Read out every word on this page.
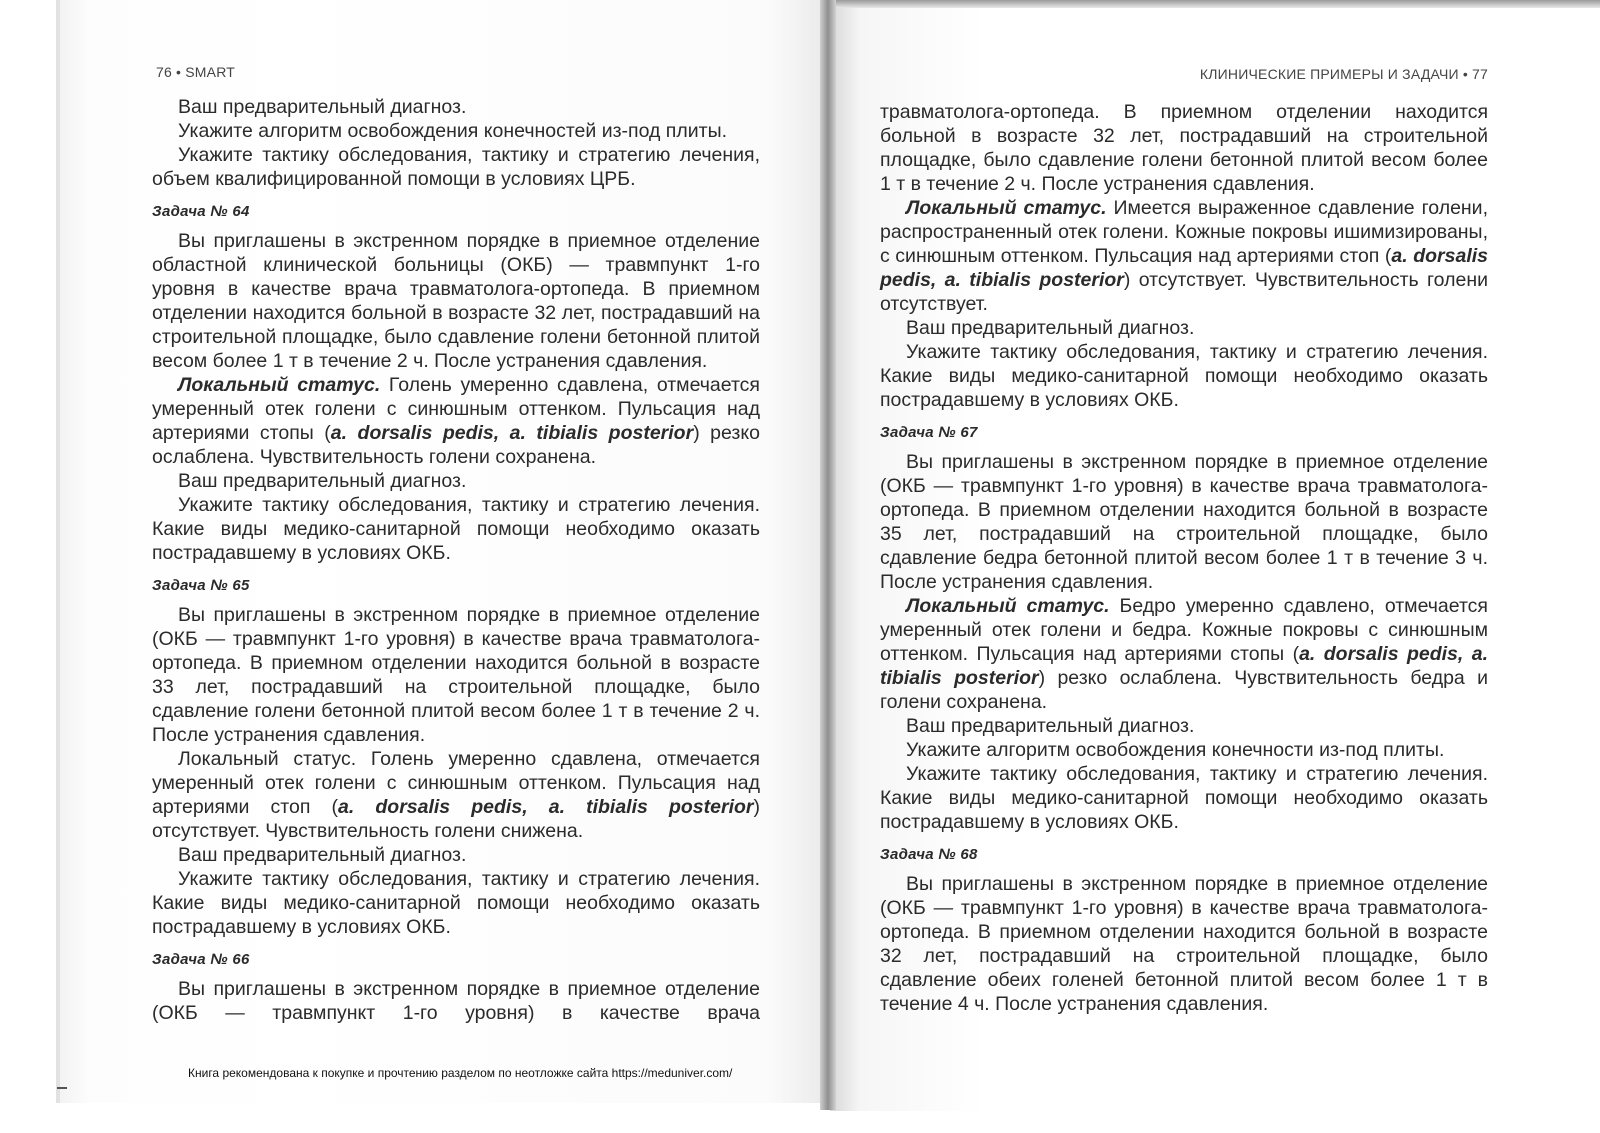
76 • SMART

Ваш предварительный диагноз.

Укажите алгоритм освобождения конечностей из-под плиты.

Укажите тактику обследования, тактику и стратегию лечения, объем квалифицированной помощи в условиях ЦРБ.

Задача № 64

Вы приглашены в экстренном порядке в приемное отделение областной клинической больницы (ОКБ) — травмпункт 1-го уровня в качестве врача травматолога-ортопеда. В приемном отделении находится больной в возрасте 32 лет, пострадавший на строительной площадке, было сдавление голени бетонной плитой весом более 1 т в течение 2 ч. После устранения сдавления.

Локальный статус. Голень умеренно сдавлена, отмечается умеренный отек голени с синюшным оттенком. Пульсация над артериями стопы (a. dorsalis pedis, a. tibialis posterior) резко ослаблена. Чувствительность голени сохранена.

Ваш предварительный диагноз.

Укажите тактику обследования, тактику и стратегию лечения. Какие виды медико-санитарной помощи необходимо оказать пострадавшему в условиях ОКБ.

Задача № 65

Вы приглашены в экстренном порядке в приемное отделение (ОКБ — травмпункт 1-го уровня) в качестве врача травматолога-ортопеда. В приемном отделении находится больной в возрасте 33 лет, пострадавший на строительной площадке, было сдавление голени бетонной плитой весом более 1 т в течение 2 ч. После устранения сдавления.

Локальный статус. Голень умеренно сдавлена, отмечается умеренный отек голени с синюшным оттенком. Пульсация над артериями стоп (a. dorsalis pedis, a. tibialis posterior) отсутствует. Чувствительность голени снижена.

Ваш предварительный диагноз.

Укажите тактику обследования, тактику и стратегию лечения. Какие виды медико-санитарной помощи необходимо оказать пострадавшему в условиях ОКБ.

Задача № 66

Вы приглашены в экстренном порядке в приемное отделение (ОКБ — травмпункт 1-го уровня) в качестве врача

Книга рекомендована к покупке и прочтению разделом по неотложке сайта https://meduniver.com/
КЛИНИЧЕСКИЕ ПРИМЕРЫ И ЗАДАЧИ • 77

травматолога-ортопеда. В приемном отделении находится больной в возрасте 32 лет, пострадавший на строительной площадке, было сдавление голени бетонной плитой весом более 1 т в течение 2 ч. После устранения сдавления.

Локальный статус. Имеется выраженное сдавление голени, распространенный отек голени. Кожные покровы ишимизированы, с синюшным оттенком. Пульсация над артериями стоп (a. dorsalis pedis, a. tibialis posterior) отсутствует. Чувствительность голени отсутствует.

Ваш предварительный диагноз.

Укажите тактику обследования, тактику и стратегию лечения. Какие виды медико-санитарной помощи необходимо оказать пострадавшему в условиях ОКБ.

Задача № 67

Вы приглашены в экстренном порядке в приемное отделение (ОКБ — травмпункт 1-го уровня) в качестве врача травматолога-ортопеда. В приемном отделении находится больной в возрасте 35 лет, пострадавший на строительной площадке, было сдавление бедра бетонной плитой весом более 1 т в течение 3 ч. После устранения сдавления.

Локальный статус. Бедро умеренно сдавлено, отмечается умеренный отек голени и бедра. Кожные покровы с синюшным оттенком. Пульсация над артериями стопы (a. dorsalis pedis, a. tibialis posterior) резко ослаблена. Чувствительность бедра и голени сохранена.

Ваш предварительный диагноз.

Укажите алгоритм освобождения конечности из-под плиты.

Укажите тактику обследования, тактику и стратегию лечения. Какие виды медико-санитарной помощи необходимо оказать пострадавшему в условиях ОКБ.

Задача № 68

Вы приглашены в экстренном порядке в приемное отделение (ОКБ — травмпункт 1-го уровня) в качестве врача травматолога-ортопеда. В приемном отделении находится больной в возрасте 32 лет, пострадавший на строительной площадке, было сдавление обеих голеней бетонной плитой весом более 1 т в течение 4 ч. После устранения сдавления.
